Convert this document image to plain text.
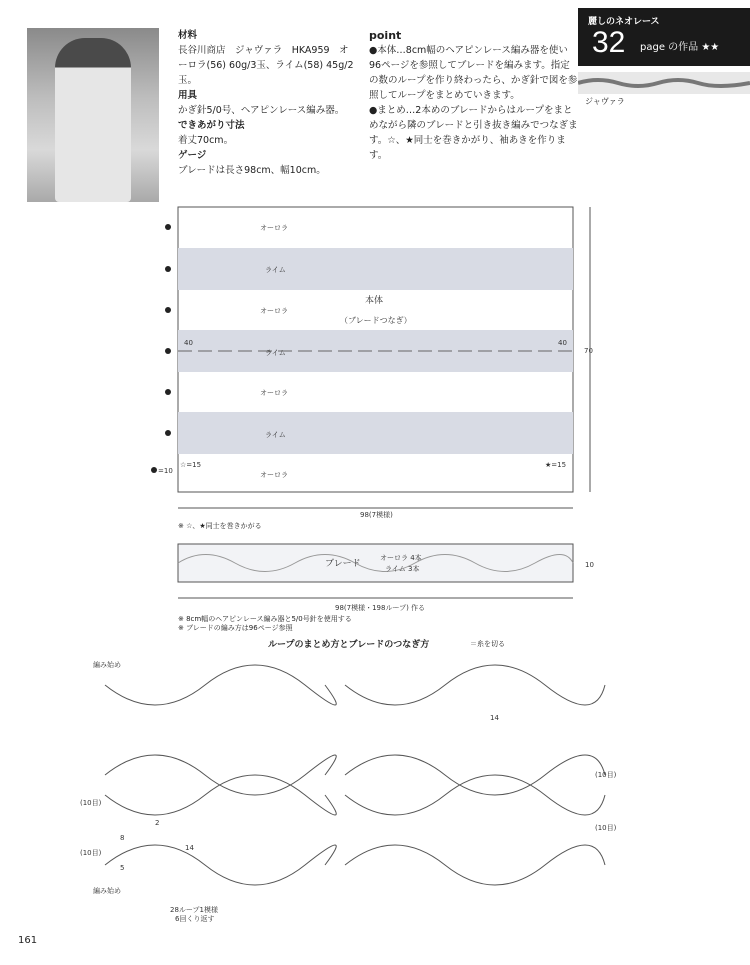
材料
長谷川商店　ジャヴァラ　HKA959　オーロラ(56) 60g/3玉、ライム(58) 45g/2玉。
用具
かぎ針5/0号、ヘアピンレース編み器。
できあがり寸法
着丈70cm。
ゲージ
ブレードは長さ98cm、幅10cm。
point
●本体…8cm幅のヘアピンレース編み器を使い96ページを参照してブレードを編みます。指定の数のループを作り終わったら、かぎ針で図を参照してループをまとめていきます。
●まとめ…2本めのブレードからはループをまとめながら隣のブレードと引き抜き編みでつなぎます。☆、★同士を巻きかがり、袖あきを作ります。
麗しのネオレース
32 page の作品 ★★
ジャヴァラ
オーロラ
ライム
オーロラ
ライム
オーロラ
ライム
オーロラ
本体
（ブレードつなぎ）
40	40
☆=15	★=15
=10
70
98(7模様)
※ ☆、★同士を巻きかがる
ブレード
オーロラ 4本
ライム 3本	10
98(7模様・198ループ) 作る
※ 8cm幅のヘアピンレース編み器と5/0号針を使用する
※ ブレードの編み方は96ページ参照
ループのまとめ方とブレードのつなぎ方	＝糸を切る
編み始め
編み始め
(10目)
(10目)
(10目)
(10目)
14
14
8
5
2
28ループ1模様
6回くり返す
161
